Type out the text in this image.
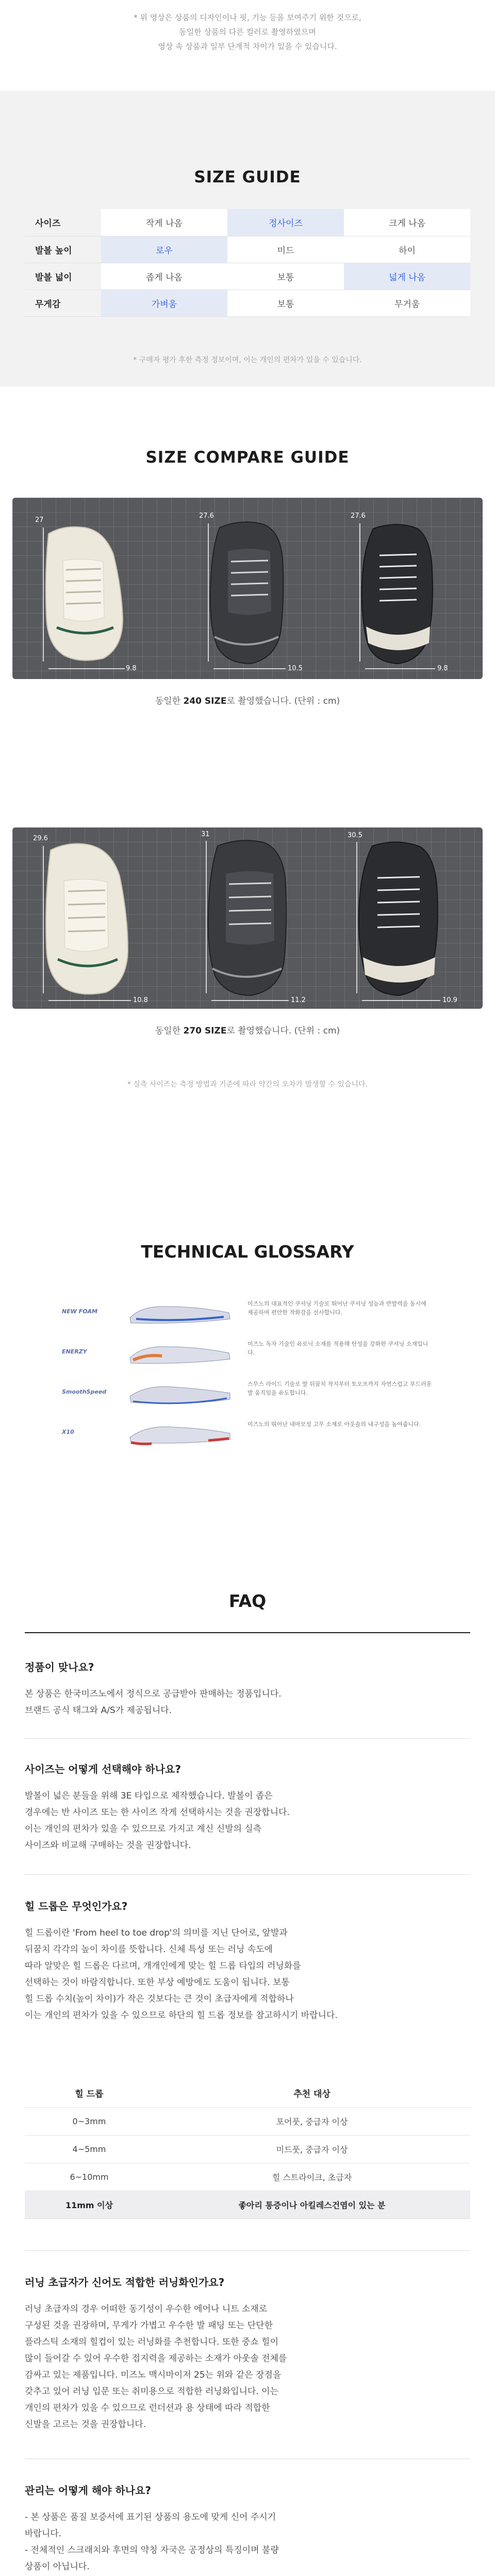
* 위 영상은 상품의 디자인이나 핏, 기능 등을 보여주기 위한 것으로,

동일한 상품의 다른 컬러로 촬영하였으며

영상 속 상품과 일부 단계적 차이가 있을 수 있습니다.

SIZE GUIDE
사이즈	작게 나옴	정사이즈	크게 나옴
발볼 높이	로우	미드	하이
발볼 넓이	좁게 나옴	보통	넓게 나옴
무게감	가벼움	보통	무거움
* 구매자 평가 후한 측정 정보이며, 이는 개인의 편차가 있을 수 있습니다.
SIZE COMPARE GUIDE
27
27.6	27.6
9.8	10.5	9.8
동일한 240 SIZE로 촬영했습니다. (단위 : cm)
29.6
31	30.5
10.8	11.2	10.9
동일한 270 SIZE로 촬영했습니다. (단위 : cm)
* 실측 사이즈는 측정 방법과 기준에 따라 약간의 오차가 발생할 수 있습니다.
TECHNICAL GLOSSARY
NEW FOAM
미즈노의 대표적인 쿠셔닝 기술로 뛰어난 쿠셔닝 성능과 반발력을 동시에 제공하며 편안한 착화감을 선사합니다.
ENERZY
미즈노 독자 기술인 유로닉 소재를 적용해 탄성을 강화한 쿠셔닝 소재입니다.
SmoothSpeed
스무스 라이드 기술로 발 뒤꿈치 착지부터 토오프까지 자연스럽고 부드러운 발 움직임을 유도합니다.
X10
미즈노의 뛰어난 내마모성 고무 소재로 아웃솔의 내구성을 높여줍니다.
FAQ
정품이 맞나요?
본 상품은 한국미즈노에서 정식으로 공급받아 판매하는 정품입니다.
브랜드 공식 태그와 A/S가 제공됩니다.
사이즈는 어떻게 선택해야 하나요?
발볼이 넓은 분들을 위해 3E 타입으로 제작했습니다. 발볼이 좁은
경우에는 반 사이즈 또는 한 사이즈 작게 선택하시는 것을 권장합니다.
이는 개인의 편차가 있을 수 있으므로 가지고 계신 신발의 실측
사이즈와 비교해 구매하는 것을 권장합니다.
힐 드롭은 무엇인가요?
힐 드롭이란 'From heel to toe drop'의 의미를 지닌 단어로, 앞발과
뒤꿈치 각각의 높이 차이를 뜻합니다. 신체 특성 또는 러닝 속도에
따라 알맞은 힐 드롭은 다르며, 개개인에게 맞는 힐 드롭 타입의 러닝화를
선택하는 것이 바람직합니다. 또한 부상 예방에도 도움이 됩니다. 보통
힐 드롭 수치(높이 차이)가 작은 것보다는 큰 것이 초급자에게 적합하나
이는 개인의 편차가 있을 수 있으므로 하단의 힐 드롭 정보를 참고하시기 바랍니다.
힐 드롭	추천 대상
0~3mm	포어풋, 중급자 이상
4~5mm	미드풋, 중급자 이상
6~10mm	힐 스트라이크, 초급자
11mm 이상	좋아리 통증이나 아킬레스건염이 있는 분
러닝 초급자가 신어도 적합한 러닝화인가요?
러닝 초급자의 경우 어떠한 동기성이 우수한 에어나 니트 소재로
구성된 것을 권장하며, 무게가 가볍고 우수한 발 패딩 또는 단단한
플라스틱 소재의 힐컵이 있는 러닝화를 추천합니다. 또한 중쇼 힐이
많이 들어갈 수 있어 우수한 접지력을 제공하는 소재가 아웃솔 전체를
감싸고 있는 제품입니다. 미즈노 맥시마이저 25는 위와 같은 장점을
갖추고 있어 러닝 입문 또는 취미용으로 적합한 러닝화입니다. 이는
개인의 편차가 있을 수 있으므로 런더션과 용 상태에 따라 적합한
신발을 고르는 것을 권장합니다.
관리는 어떻게 해야 하나요?
- 본 상품은 품질 보증서에 표기된 상품의 용도에 맞게 신어 주시기
바랍니다.
- 전체적인 스크래치와 후면의 약칭 자국은 공정상의 특징이며 불량
상품이 아닙니다.
